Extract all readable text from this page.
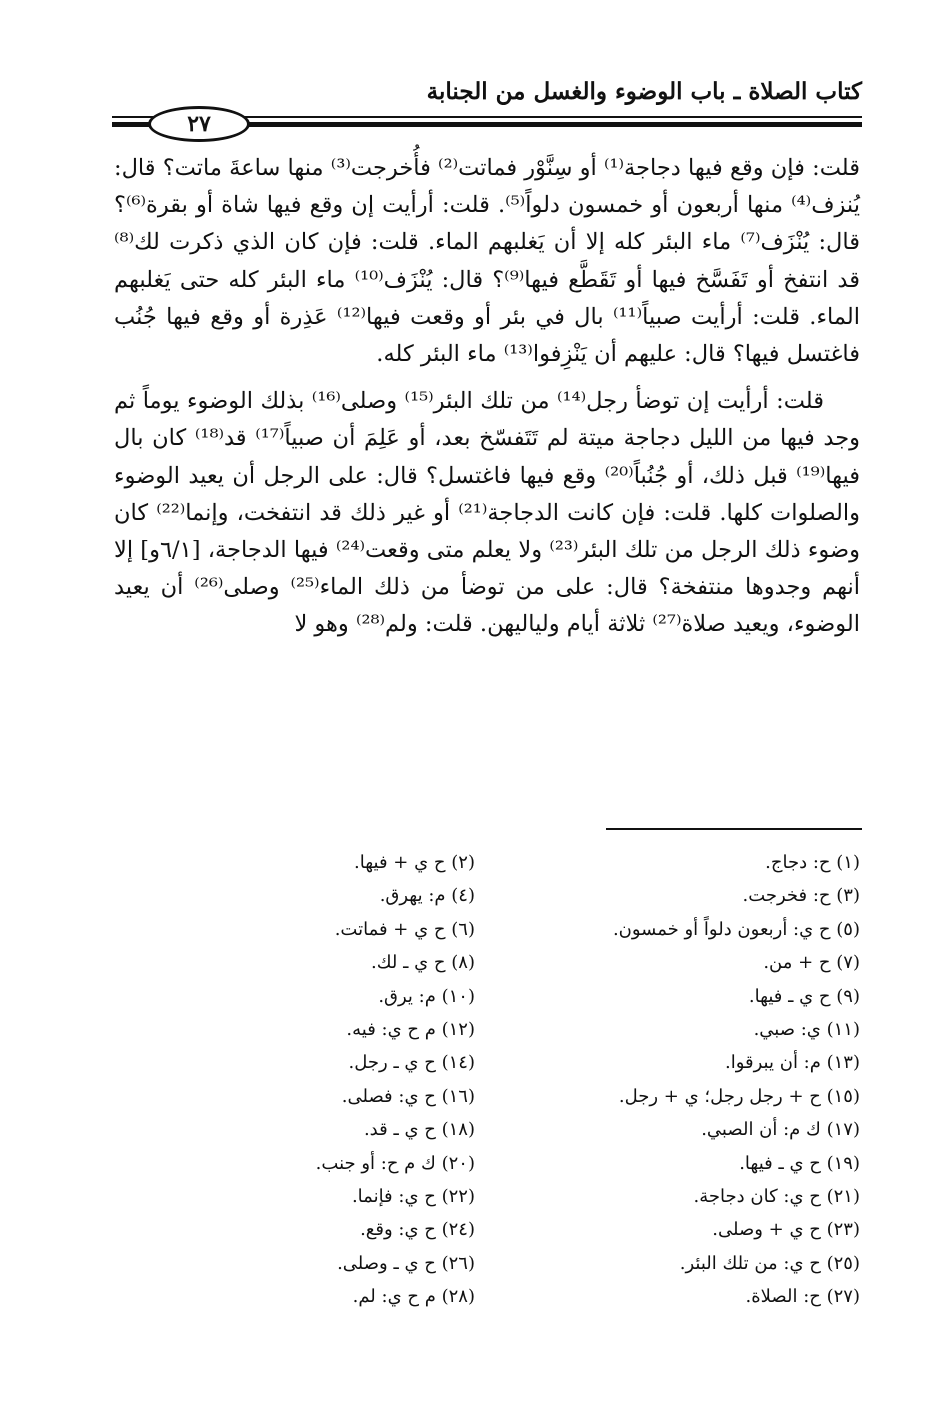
كتاب الصلاة ـ باب الوضوء والغسل من الجنابة
٢٧

قلت: فإن وقع فيها دجاجة⁽¹⁾ أو سِنَّوْر فماتت⁽²⁾ فأُخرجت⁽³⁾ منها ساعةَ ماتت؟ قال: يُنزف⁽⁴⁾ منها أربعون أو خمسون دلواً⁽⁵⁾. قلت: أرأيت إن وقع فيها شاة أو بقرة⁽⁶⁾؟ قال: يُنْزَف⁽⁷⁾ ماء البئر كله إلا أن يَغلبهم الماء. قلت: فإن كان الذي ذكرت لك⁽⁸⁾ قد انتفخ أو تَفَسَّخ فيها أو تَقَطَّع فيها⁽⁹⁾؟ قال: يُنْزَف⁽¹⁰⁾ ماء البئر كله حتى يَغلبهم الماء. قلت: أرأيت صبياً⁽¹¹⁾ بال في بئر أو وقعت فيها⁽¹²⁾ عَذِرة أو وقع فيها جُنُب فاغتسل فيها؟ قال: عليهم أن يَنْزِفوا⁽¹³⁾ ماء البئر كله.

قلت: أرأيت إن توضأ رجل⁽¹⁴⁾ من تلك البئر⁽¹⁵⁾ وصلى⁽¹⁶⁾ بذلك الوضوء يوماً ثم وجد فيها من الليل دجاجة ميتة لم تَتَفسّخ بعد، أو عَلِمَ أن صبياً⁽¹⁷⁾ قد⁽¹⁸⁾ كان بال فيها⁽¹⁹⁾ قبل ذلك، أو جُنُباً⁽²⁰⁾ وقع فيها فاغتسل؟ قال: على الرجل أن يعيد الوضوء والصلوات كلها. قلت: فإن كانت الدجاجة⁽²¹⁾ أو غير ذلك قد انتفخت، وإنما⁽²²⁾ كان وضوء ذلك الرجل من تلك البئر⁽²³⁾ ولا يعلم متى وقعت⁽²⁴⁾ فيها الدجاجة، [٦/١و] إلا أنهم وجدوها منتفخة؟ قال: على من توضأ من ذلك الماء⁽²⁵⁾ وصلى⁽²⁶⁾ أن يعيد الوضوء، ويعيد صلاة⁽²⁷⁾ ثلاثة أيام ولياليهن. قلت: ولم⁽²⁸⁾ وهو لا

(١) ح: دجاج.
(٢) ح ي + فيها.
(٣) ح: فخرجت.
(٤) م: يهرق.
(٥) ح ي: أربعون دلواً أو خمسون.
(٦) ح ي + فماتت.
(٧) ح + من.
(٨) ح ي ـ لك.
(٩) ح ي ـ فيها.
(١٠) م: يرق.
(١١) ي: صبي.
(١٢) م ح ي: فيه.
(١٣) م: أن يبرقوا.
(١٤) ح ي ـ رجل.
(١٥) ح + رجل رجل؛ ي + رجل.
(١٦) ح ي: فصلى.
(١٧) ك م: أن الصبي.
(١٨) ح ي ـ قد.
(١٩) ح ي ـ فيها.
(٢٠) ك م ح: أو جنب.
(٢١) ح ي: كان دجاجة.
(٢٢) ح ي: فإنما.
(٢٣) ح ي + وصلى.
(٢٤) ح ي: وقع.
(٢٥) ح ي: من تلك البئر.
(٢٦) ح ي ـ وصلى.
(٢٧) ح: الصلاة.
(٢٨) م ح ي: لم.
